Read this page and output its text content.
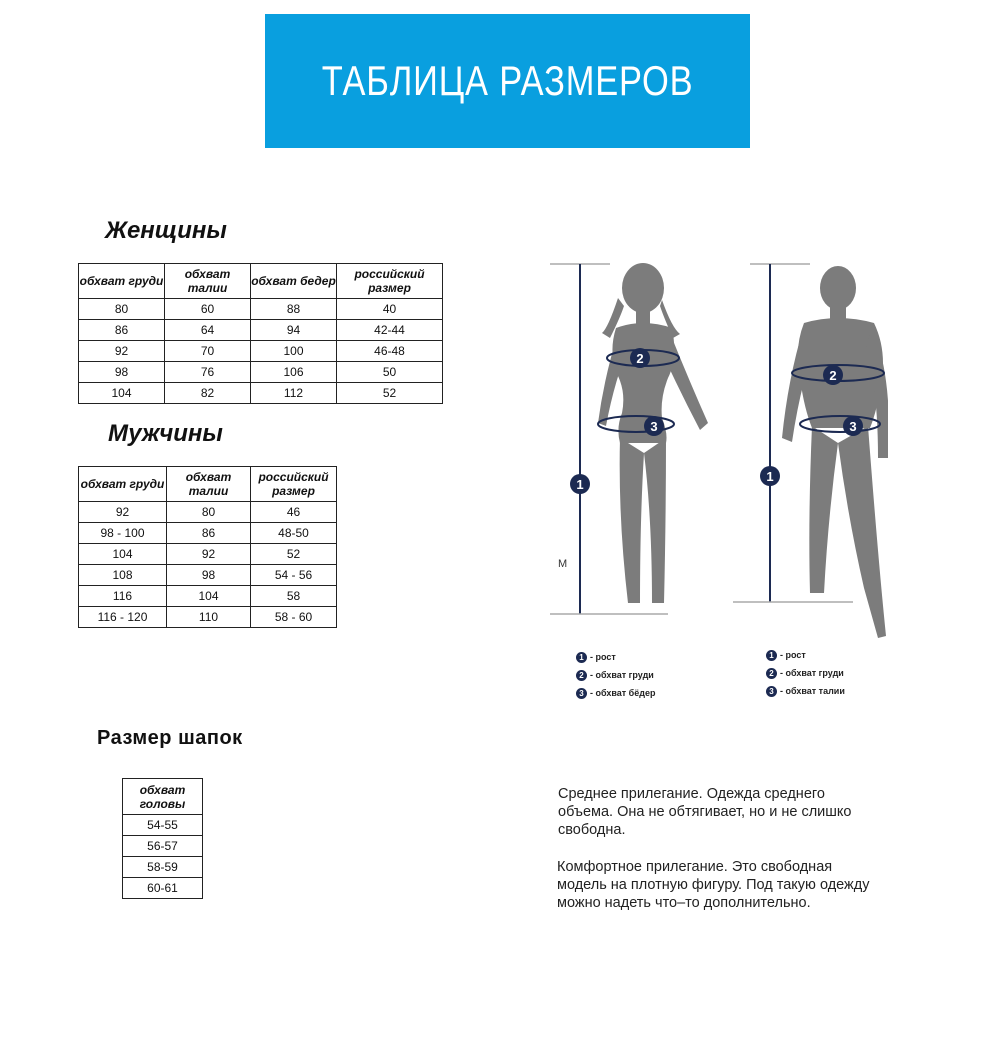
ТАБЛИЦА РАЗМЕРОВ
Женщины
обхват груди	обхват талии	обхват бедер	российский размер
80	60	88	40
86	64	94	42-44
92	70	100	46-48
98	76	106	50
104	82	112	52
Мужчины
обхват груди	обхват талии	российский размер
92	80	46
98 - 100	86	48-50
104	92	52
108	98	54 - 56
116	104	58
116 - 120	110	58 - 60
Размер шапок
обхват головы
54-55
56-57
58-59
60-61
1
2
3
1
2
3
M
1 - рост
2 - обхват груди
3 - обхват бёдер
1 - рост
2 - обхват груди
3 - обхват талии
Среднее прилегание. Одежда среднего объема. Она не обтягивает, но и не слишко свободна.
Комфортное прилегание. Это свободная модель на плотную фигуру. Под такую одежду можно надеть что–то дополнительно.
